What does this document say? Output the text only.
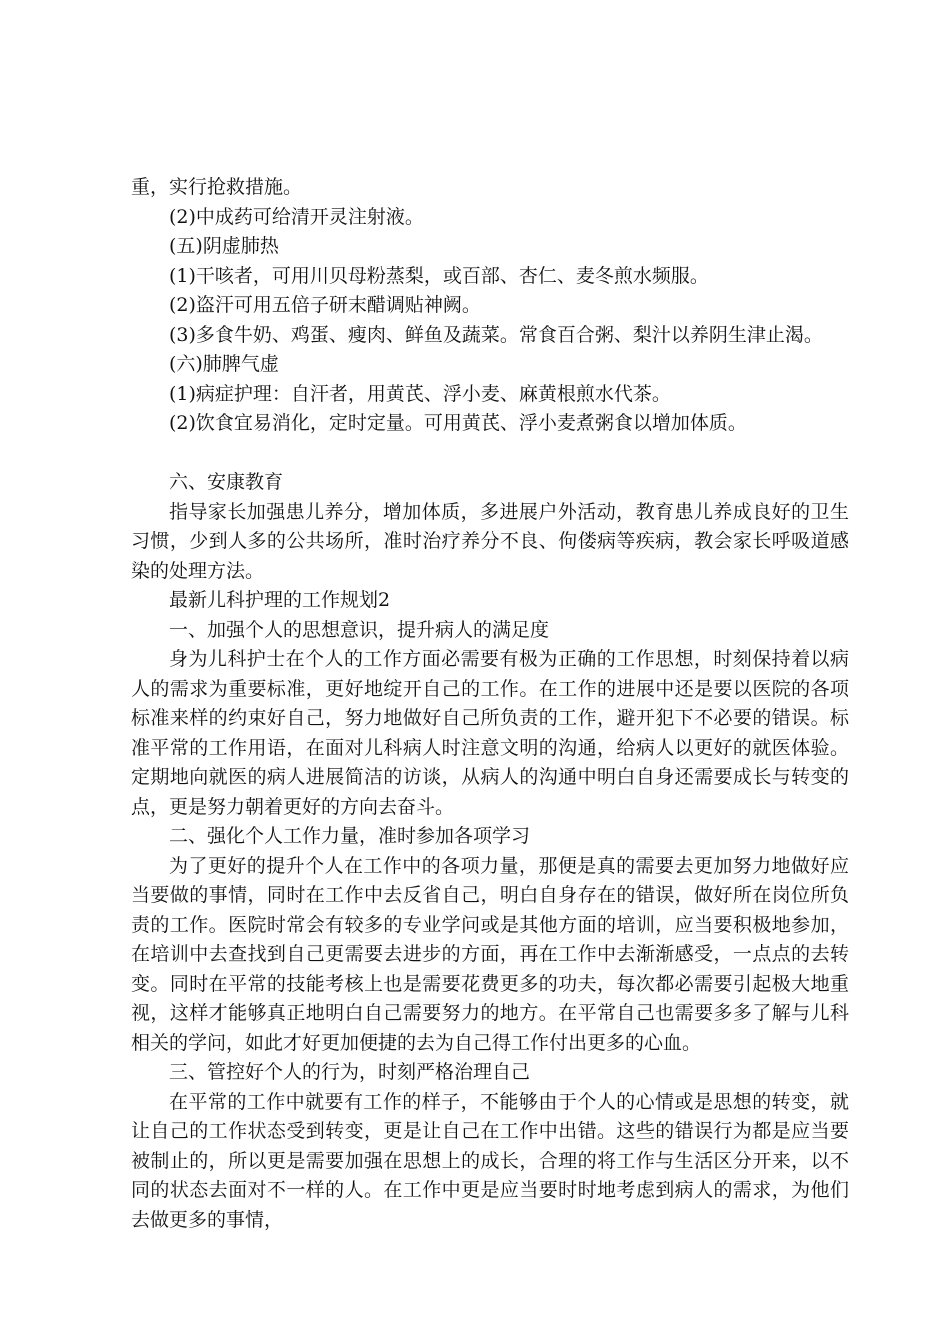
重，实行抢救措施。

(2)中成药可给清开灵注射液。

(五)阴虚肺热

(1)干咳者，可用川贝母粉蒸梨，或百部、杏仁、麦冬煎水频服。

(2)盗汗可用五倍子研末醋调贴神阙。

(3)多食牛奶、鸡蛋、瘦肉、鲜鱼及蔬菜。常食百合粥、梨汁以养阴生津止渴。

(六)肺脾气虚

(1)病症护理：自汗者，用黄芪、浮小麦、麻黄根煎水代茶。

(2)饮食宜易消化，定时定量。可用黄芪、浮小麦煮粥食以增加体质。

六、安康教育

指导家长加强患儿养分，增加体质，多进展户外活动，教育患儿养成良好的卫生习惯，少到人多的公共场所，准时治疗养分不良、佝偻病等疾病，教会家长呼吸道感染的处理方法。

最新儿科护理的工作规划2

一、加强个人的思想意识，提升病人的满足度

身为儿科护士在个人的工作方面必需要有极为正确的工作思想，时刻保持着以病人的需求为重要标准，更好地绽开自己的工作。在工作的进展中还是要以医院的各项标准来样的约束好自己，努力地做好自己所负责的工作，避开犯下不必要的错误。标准平常的工作用语，在面对儿科病人时注意文明的沟通，给病人以更好的就医体验。定期地向就医的病人进展简洁的访谈，从病人的沟通中明白自身还需要成长与转变的点，更是努力朝着更好的方向去奋斗。

二、强化个人工作力量，准时参加各项学习

为了更好的提升个人在工作中的各项力量，那便是真的需要去更加努力地做好应当要做的事情，同时在工作中去反省自己，明白自身存在的错误，做好所在岗位所负责的工作。医院时常会有较多的专业学问或是其他方面的培训，应当要积极地参加，在培训中去查找到自己更需要去进步的方面，再在工作中去渐渐感受，一点点的去转变。同时在平常的技能考核上也是需要花费更多的功夫，每次都必需要引起极大地重视，这样才能够真正地明白自己需要努力的地方。在平常自己也需要多多了解与儿科相关的学问，如此才好更加便捷的去为自己得工作付出更多的心血。

三、管控好个人的行为，时刻严格治理自己

在平常的工作中就要有工作的样子，不能够由于个人的心情或是思想的转变，就让自己的工作状态受到转变，更是让自己在工作中出错。这些的错误行为都是应当要被制止的，所以更是需要加强在思想上的成长，合理的将工作与生活区分开来，以不同的状态去面对不一样的人。在工作中更是应当要时时地考虑到病人的需求，为他们去做更多的事情，
